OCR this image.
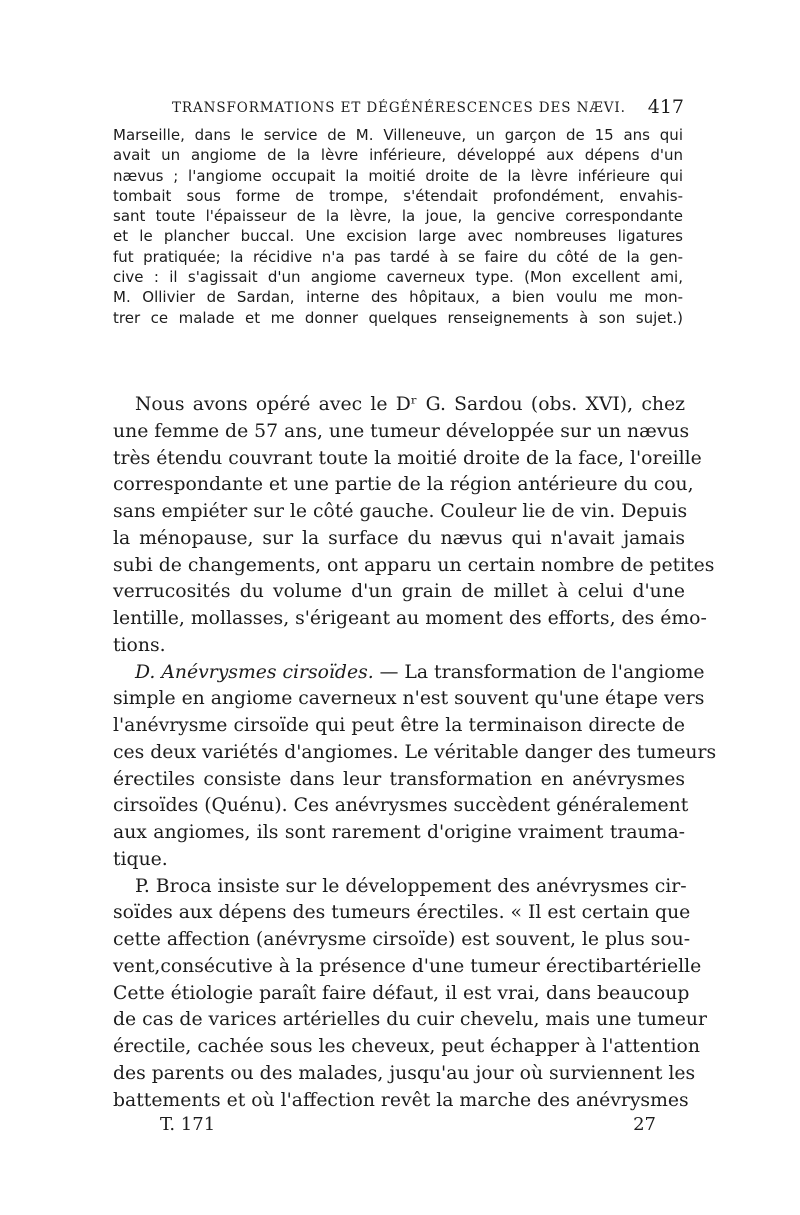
TRANSFORMATIONS ET DÉGÉNÉRESCENCES DES NÆVI. 417
Marseille, dans le service de M. Villeneuve, un garçon de 15 ans qui
avait un angiome de la lèvre inférieure, développé aux dépens d'un
nævus ; l'angiome occupait la moitié droite de la lèvre inférieure qui
tombait sous forme de trompe, s'étendait profondément, envahis-
sant toute l'épaisseur de la lèvre, la joue, la gencive correspondante
et le plancher buccal. Une excision large avec nombreuses ligatures
fut pratiquée; la récidive n'a pas tardé à se faire du côté de la gen-
cive : il s'agissait d'un angiome caverneux type. (Mon excellent ami,
M. Ollivier de Sardan, interne des hôpitaux, a bien voulu me mon-
trer ce malade et me donner quelques renseignements à son sujet.)
Nous avons opéré avec le Dʳ G. Sardou (obs. XVI), chez
une femme de 57 ans, une tumeur développée sur un nævus
très étendu couvrant toute la moitié droite de la face, l'oreille
correspondante et une partie de la région antérieure du cou,
sans empiéter sur le côté gauche. Couleur lie de vin. Depuis
la ménopause, sur la surface du nævus qui n'avait jamais
subi de changements, ont apparu un certain nombre de petites
verrucosités du volume d'un grain de millet à celui d'une
lentille, mollasses, s'érigeant au moment des efforts, des émo-
tions.
D. Anévrysmes cirsoïdes. — La transformation de l'angiome
simple en angiome caverneux n'est souvent qu'une étape vers
l'anévrysme cirsoïde qui peut être la terminaison directe de
ces deux variétés d'angiomes. Le véritable danger des tumeurs
érectiles consiste dans leur transformation en anévrysmes
cirsoïdes (Quénu). Ces anévrysmes succèdent généralement
aux angiomes, ils sont rarement d'origine vraiment trauma-
tique.
P. Broca insiste sur le développement des anévrysmes cir-
soïdes aux dépens des tumeurs érectiles. « Il est certain que
cette affection (anévrysme cirsoïde) est souvent, le plus sou-
vent,consécutive à la présence d'une tumeur érectibartérielle
Cette étiologie paraît faire défaut, il est vrai, dans beaucoup
de cas de varices artérielles du cuir chevelu, mais une tumeur
érectile, cachée sous les cheveux, peut échapper à l'attention
des parents ou des malades, jusqu'au jour où surviennent les
battements et où l'affection revêt la marche des anévrysmes
T. 171	27
